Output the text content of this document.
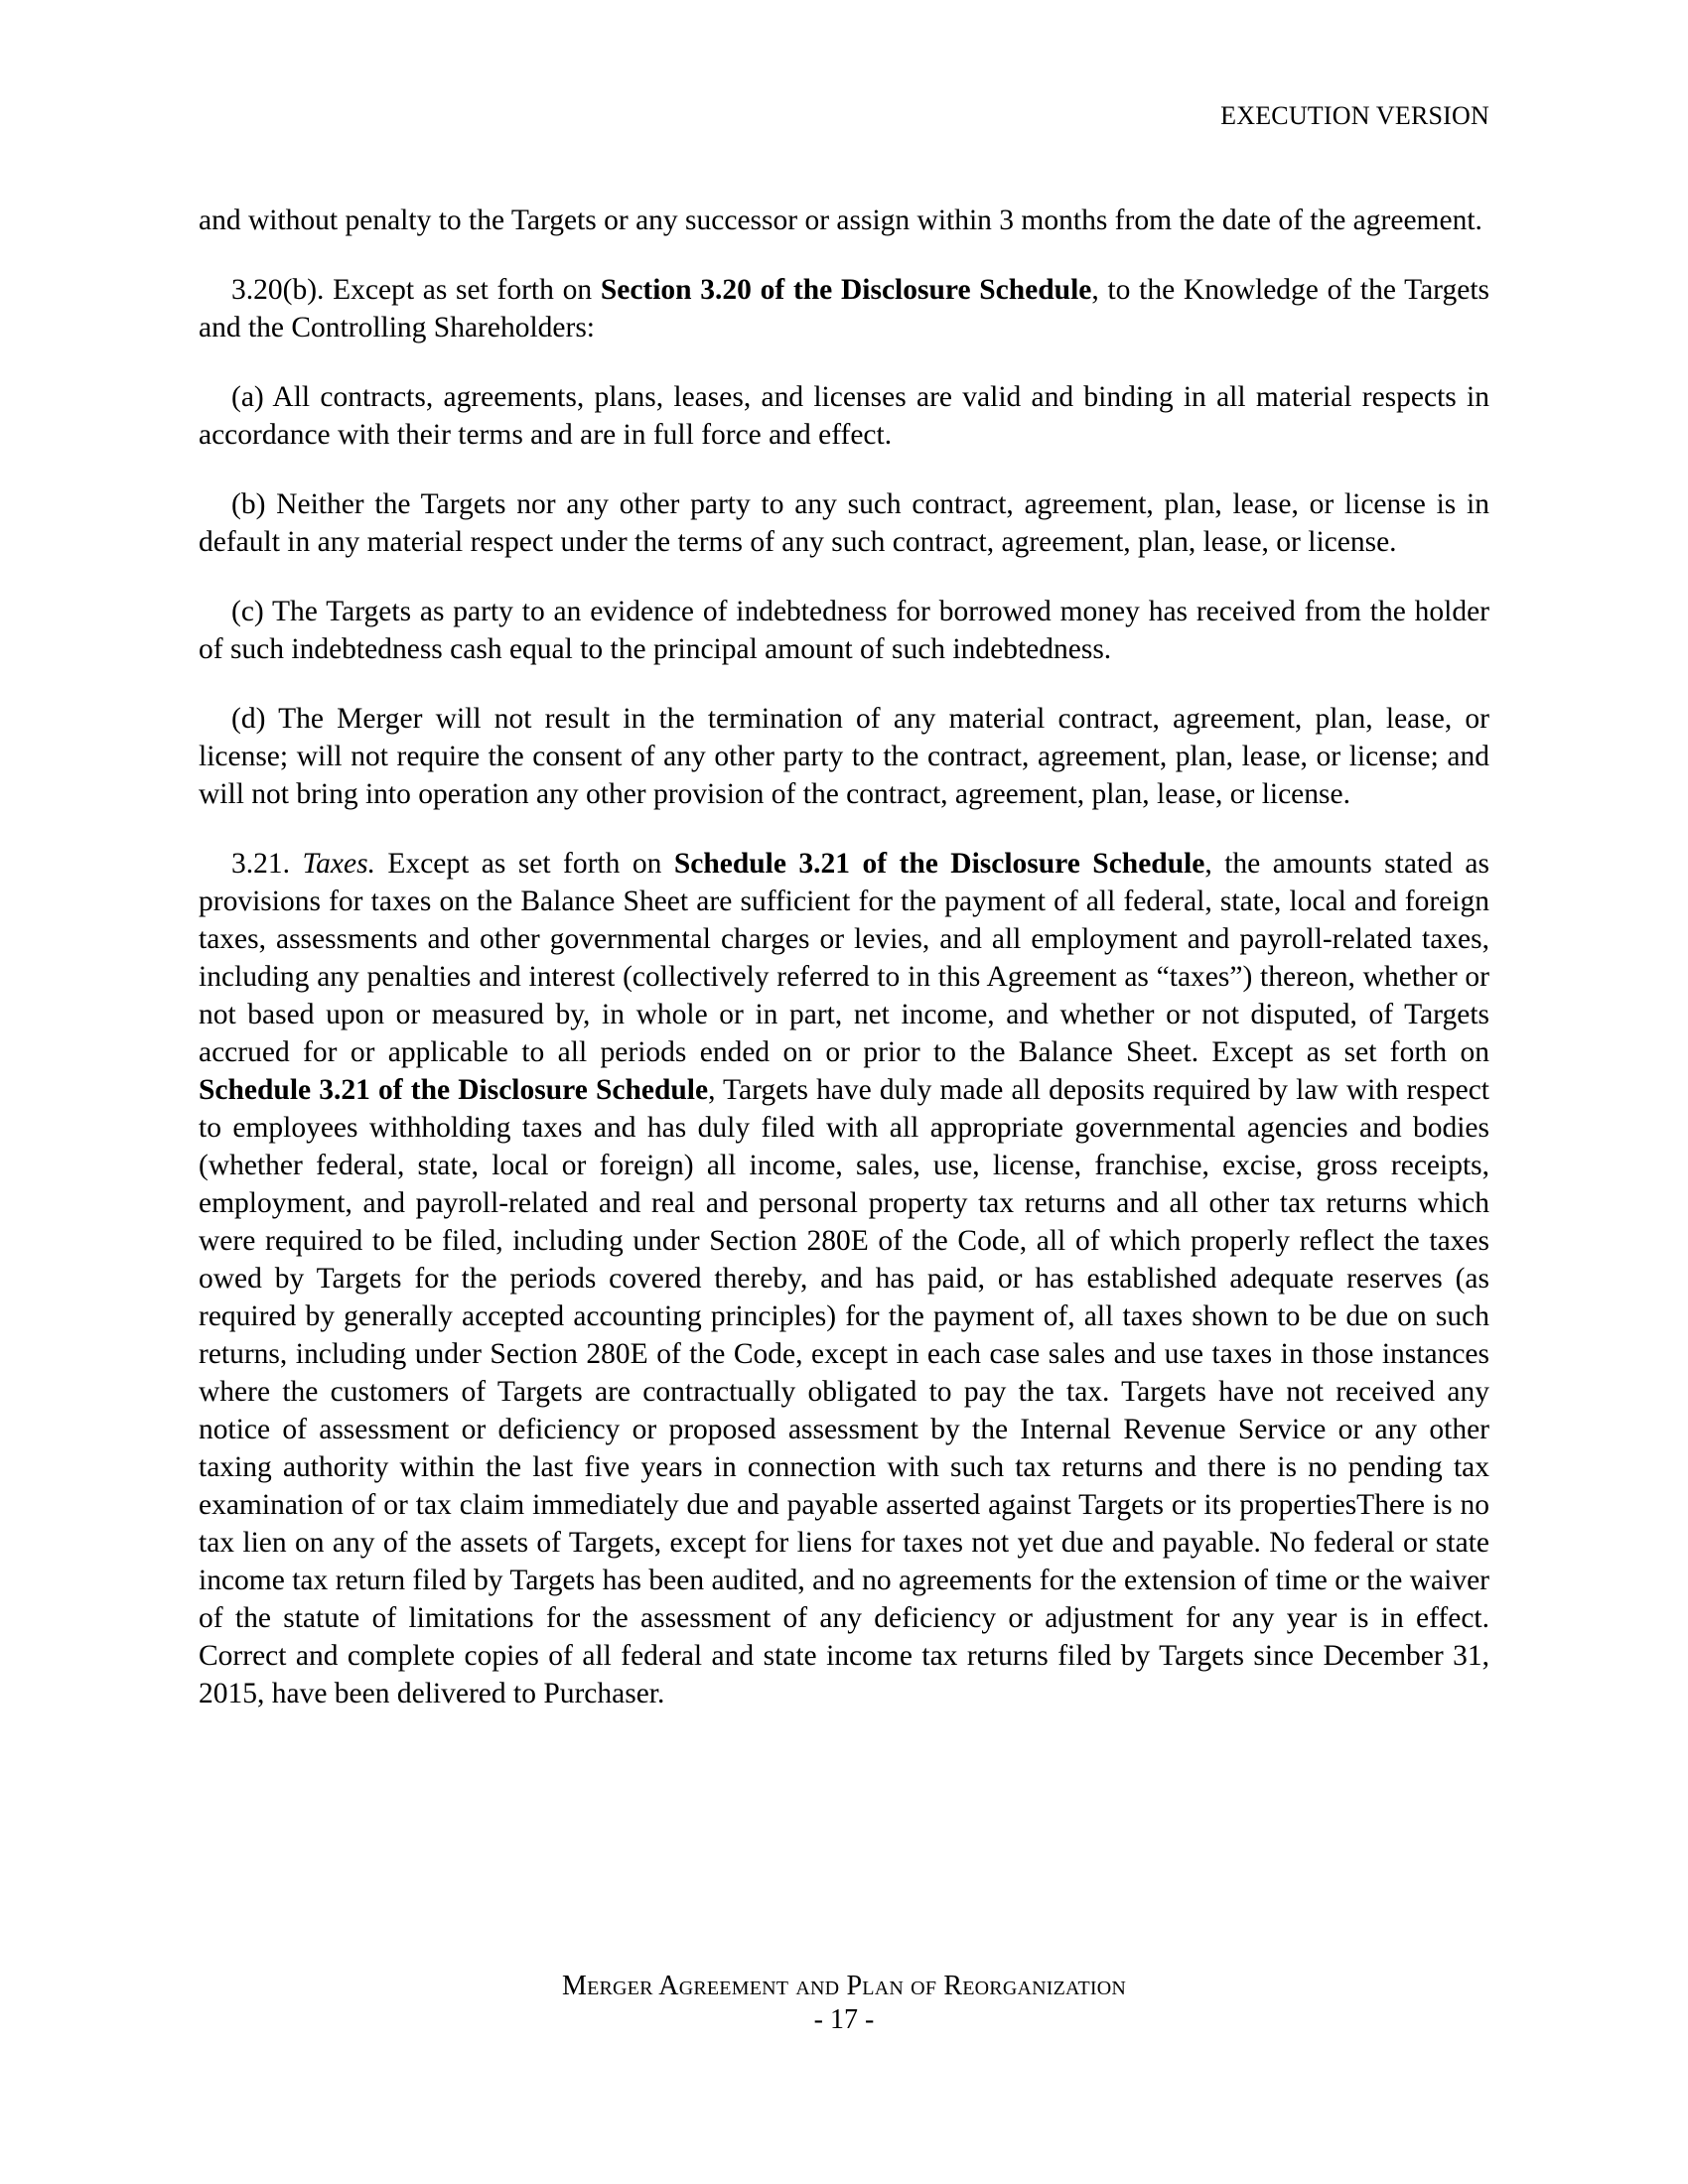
EXECUTION VERSION

and without penalty to the Targets or any successor or assign within 3 months from the date of the agreement.

3.20(b). Except as set forth on Section 3.20 of the Disclosure Schedule, to the Knowledge of the Targets and the Controlling Shareholders:

(a) All contracts, agreements, plans, leases, and licenses are valid and binding in all material respects in accordance with their terms and are in full force and effect.

(b) Neither the Targets nor any other party to any such contract, agreement, plan, lease, or license is in default in any material respect under the terms of any such contract, agreement, plan, lease, or license.

(c) The Targets as party to an evidence of indebtedness for borrowed money has received from the holder of such indebtedness cash equal to the principal amount of such indebtedness.

(d) The Merger will not result in the termination of any material contract, agreement, plan, lease, or license; will not require the consent of any other party to the contract, agreement, plan, lease, or license; and will not bring into operation any other provision of the contract, agreement, plan, lease, or license.

3.21. Taxes. Except as set forth on Schedule 3.21 of the Disclosure Schedule, the amounts stated as provisions for taxes on the Balance Sheet are sufficient for the payment of all federal, state, local and foreign taxes, assessments and other governmental charges or levies, and all employment and payroll-related taxes, including any penalties and interest (collectively referred to in this Agreement as “taxes”) thereon, whether or not based upon or measured by, in whole or in part, net income, and whether or not disputed, of Targets accrued for or applicable to all periods ended on or prior to the Balance Sheet. Except as set forth on Schedule 3.21 of the Disclosure Schedule, Targets have duly made all deposits required by law with respect to employees withholding taxes and has duly filed with all appropriate governmental agencies and bodies (whether federal, state, local or foreign) all income, sales, use, license, franchise, excise, gross receipts, employment, and payroll-related and real and personal property tax returns and all other tax returns which were required to be filed, including under Section 280E of the Code, all of which properly reflect the taxes owed by Targets for the periods covered thereby, and has paid, or has established adequate reserves (as required by generally accepted accounting principles) for the payment of, all taxes shown to be due on such returns, including under Section 280E of the Code, except in each case sales and use taxes in those instances where the customers of Targets are contractually obligated to pay the tax. Targets have not received any notice of assessment or deficiency or proposed assessment by the Internal Revenue Service or any other taxing authority within the last five years in connection with such tax returns and there is no pending tax examination of or tax claim immediately due and payable asserted against Targets or its propertiesThere is no tax lien on any of the assets of Targets, except for liens for taxes not yet due and payable. No federal or state income tax return filed by Targets has been audited, and no agreements for the extension of time or the waiver of the statute of limitations for the assessment of any deficiency or adjustment for any year is in effect. Correct and complete copies of all federal and state income tax returns filed by Targets since December 31, 2015, have been delivered to Purchaser.

Merger Agreement and Plan of Reorganization
- 17 -
